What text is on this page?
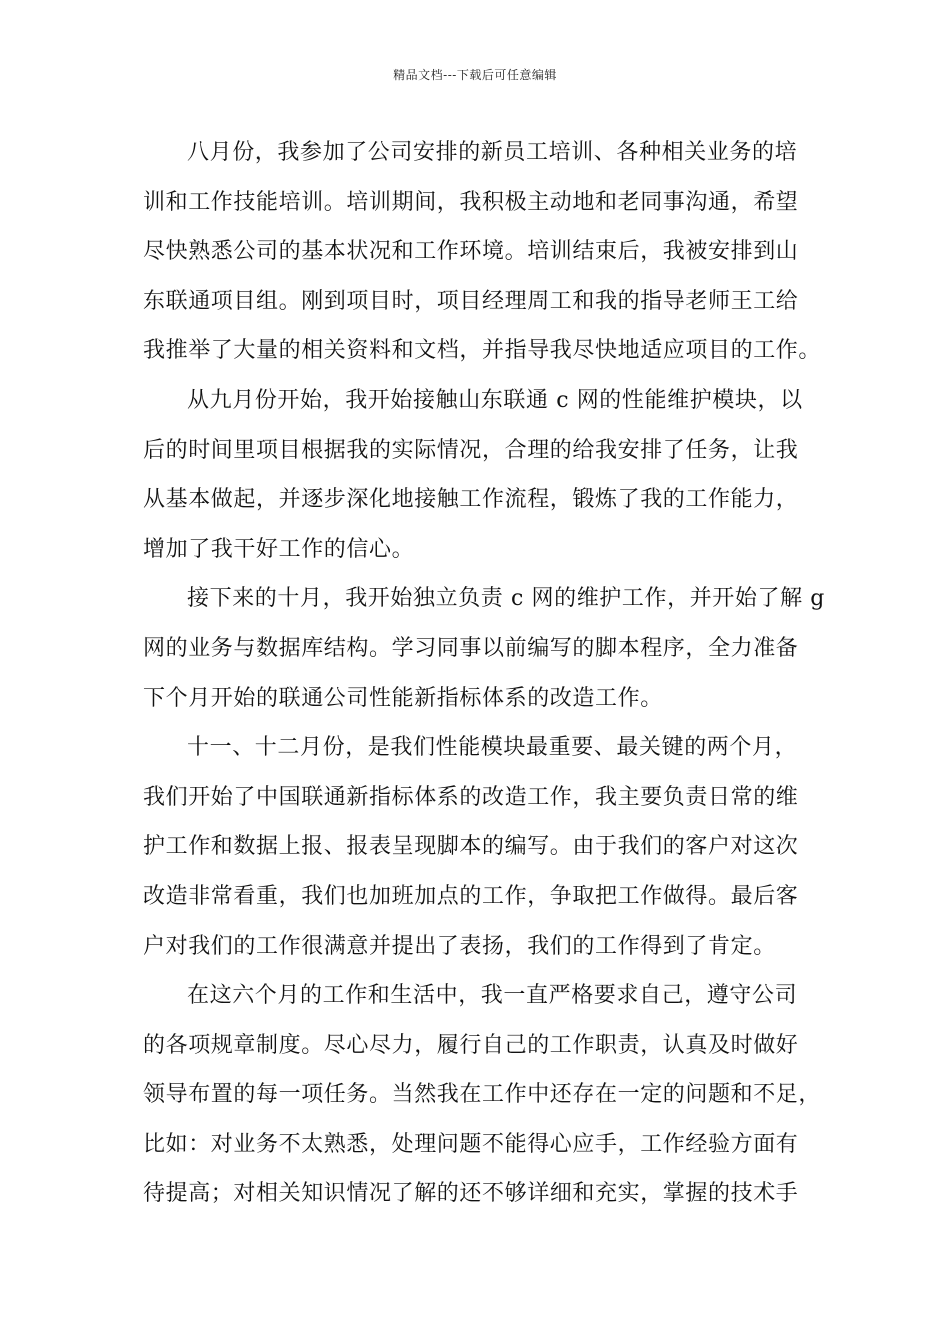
精品文档---下载后可任意编辑
八月份，我参加了公司安排的新员工培训、各种相关业务的培
训和工作技能培训。培训期间，我积极主动地和老同事沟通，希望
尽快熟悉公司的基本状况和工作环境。培训结束后，我被安排到山
东联通项目组。刚到项目时，项目经理周工和我的指导老师王工给
我推举了大量的相关资料和文档，并指导我尽快地适应项目的工作。
从九月份开始，我开始接触山东联通 c 网的性能维护模块，以
后的时间里项目根据我的实际情况，合理的给我安排了任务，让我
从基本做起，并逐步深化地接触工作流程，锻炼了我的工作能力，
增加了我干好工作的信心。
接下来的十月，我开始独立负责 c 网的维护工作，并开始了解 g
网的业务与数据库结构。学习同事以前编写的脚本程序，全力准备
下个月开始的联通公司性能新指标体系的改造工作。
十一、十二月份，是我们性能模块最重要、最关键的两个月，
我们开始了中国联通新指标体系的改造工作，我主要负责日常的维
护工作和数据上报、报表呈现脚本的编写。由于我们的客户对这次
改造非常看重，我们也加班加点的工作，争取把工作做得。最后客
户对我们的工作很满意并提出了表扬，我们的工作得到了肯定。
在这六个月的工作和生活中，我一直严格要求自己，遵守公司
的各项规章制度。尽心尽力，履行自己的工作职责，认真及时做好
领导布置的每一项任务。当然我在工作中还存在一定的问题和不足，
比如：对业务不太熟悉，处理问题不能得心应手，工作经验方面有
待提高；对相关知识情况了解的还不够详细和充实，掌握的技术手
